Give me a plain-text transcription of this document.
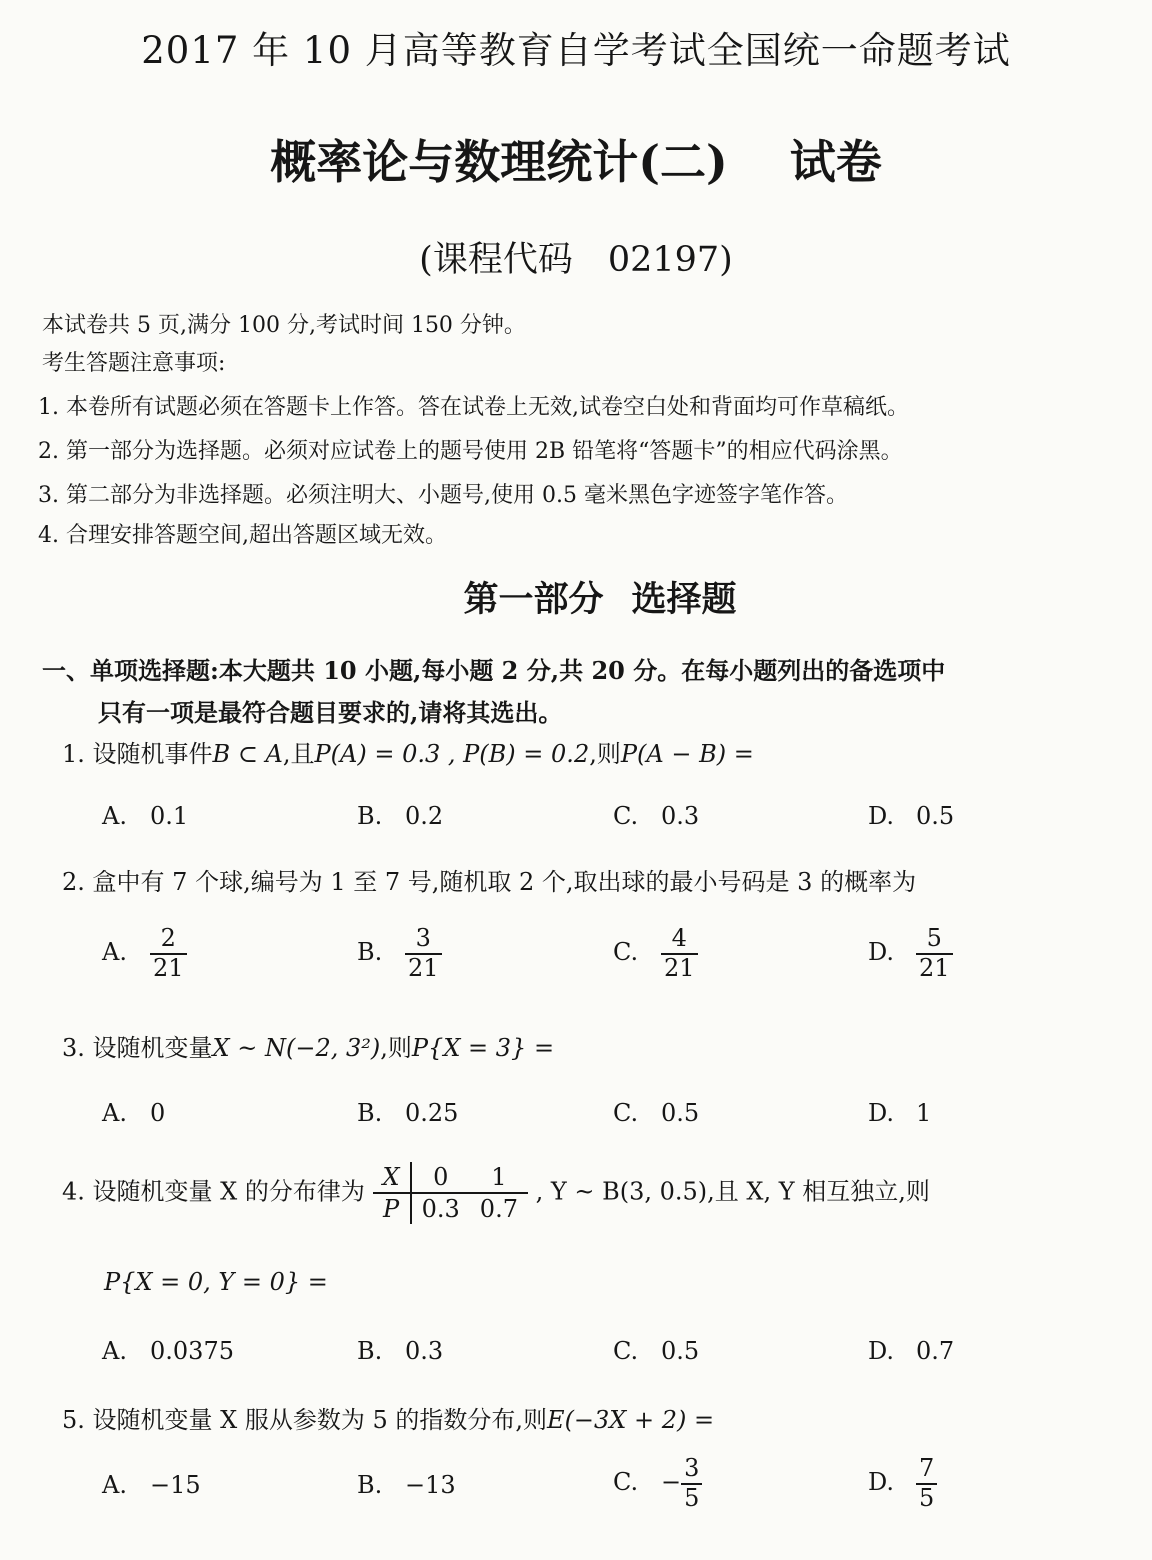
2017 年 10 月高等教育自学考试全国统一命题考试
概率论与数理统计(二) 试卷
(课程代码　02197)
本试卷共 5 页,满分 100 分,考试时间 150 分钟。
考生答题注意事项:
1. 本卷所有试题必须在答题卡上作答。答在试卷上无效,试卷空白处和背面均可作草稿纸。
2. 第一部分为选择题。必须对应试卷上的题号使用 2B 铅笔将“答题卡”的相应代码涂黑。
3. 第二部分为非选择题。必须注明大、小题号,使用 0.5 毫米黑色字迹签字笔作答。
4. 合理安排答题空间,超出答题区域无效。
第一部分 选择题
一、单项选择题:本大题共 10 小题,每小题 2 分,共 20 分。在每小题列出的备选项中
只有一项是最符合题目要求的,请将其选出。
1. 设随机事件B ⊂ A,且P(A) = 0.3 , P(B) = 0.2,则P(A − B) =
A. 0.1	B. 0.2	C. 0.3	D. 0.5
2. 盒中有 7 个球,编号为 1 至 7 号,随机取 2 个,取出球的最小号码是 3 的概率为
A. $\frac{2}{21}$	B. $\frac{3}{21}$	C. $\frac{4}{21}$	D. $\frac{5}{21}$
3. 设随机变量X ~ N(−2, 3²),则P{X = 3} =
A. 0	B. 0.25	C. 0.5	D. 1
4. 设随机变量 X 的分布律为 X	0	1
P	0.3	0.7 , Y ~ B(3, 0.5),且 X, Y 相互独立,则
P{X = 0, Y = 0} =
A. 0.0375	B. 0.3	C. 0.5	D. 0.7
5. 设随机变量 X 服从参数为 5 的指数分布,则E(−3X + 2) =
A. −15	B. −13	C. − $\frac{3}{5}$	D. $\frac{7}{5}$
